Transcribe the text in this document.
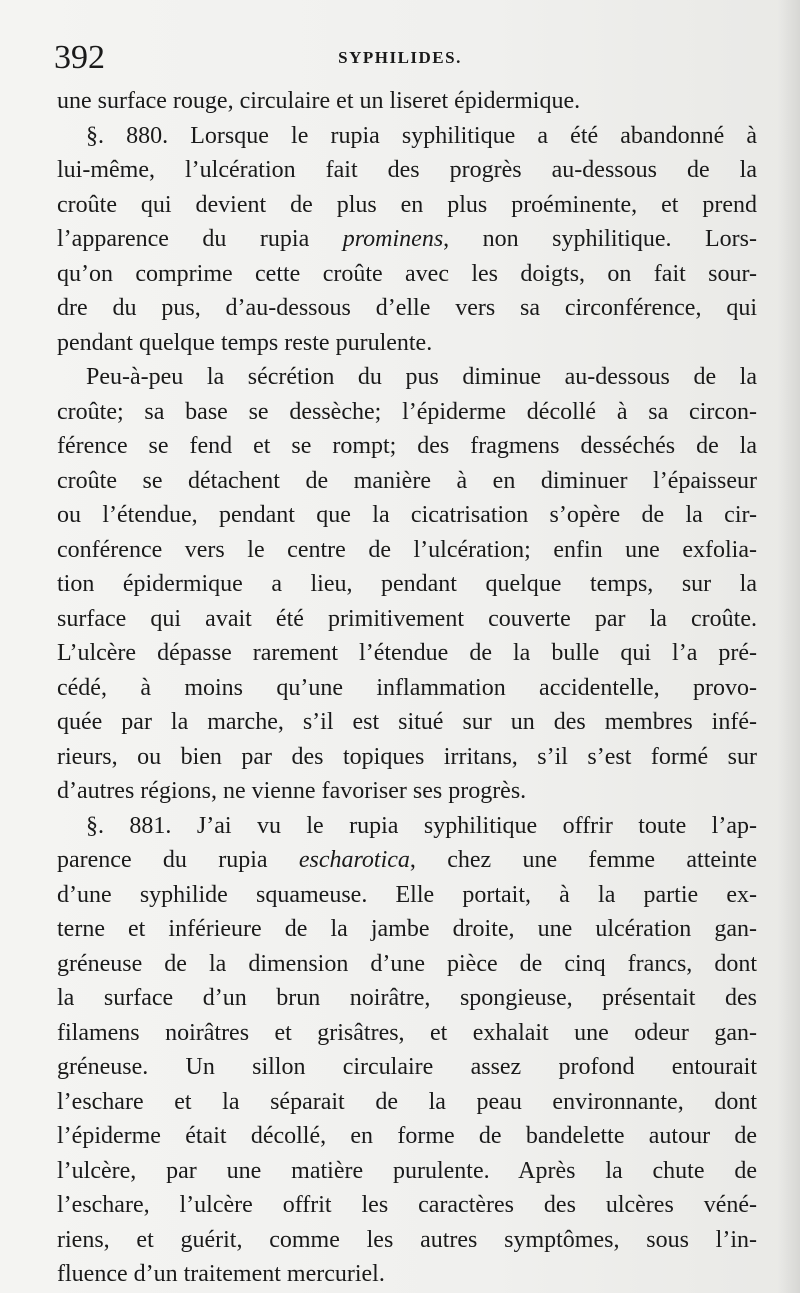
392	SYPHILIDES.
une surface rouge, circulaire et un liseret épidermique.
§. 880. Lorsque le rupia syphilitique a été abandonné à
lui-même, l’ulcération fait des progrès au-dessous de la
croûte qui devient de plus en plus proéminente, et prend
l’apparence du rupia prominens, non syphilitique. Lors-
qu’on comprime cette croûte avec les doigts, on fait sour-
dre du pus, d’au-dessous d’elle vers sa circonférence, qui
pendant quelque temps reste purulente.
Peu-à-peu la sécrétion du pus diminue au-dessous de la
croûte; sa base se dessèche; l’épiderme décollé à sa circon-
férence se fend et se rompt; des fragmens desséchés de la
croûte se détachent de manière à en diminuer l’épaisseur
ou l’étendue, pendant que la cicatrisation s’opère de la cir-
conférence vers le centre de l’ulcération; enfin une exfolia-
tion épidermique a lieu, pendant quelque temps, sur la
surface qui avait été primitivement couverte par la croûte.
L’ulcère dépasse rarement l’étendue de la bulle qui l’a pré-
cédé, à moins qu’une inflammation accidentelle, provo-
quée par la marche, s’il est situé sur un des membres infé-
rieurs, ou bien par des topiques irritans, s’il s’est formé sur
d’autres régions, ne vienne favoriser ses progrès.
§. 881. J’ai vu le rupia syphilitique offrir toute l’ap-
parence du rupia escharotica, chez une femme atteinte
d’une syphilide squameuse. Elle portait, à la partie ex-
terne et inférieure de la jambe droite, une ulcération gan-
gréneuse de la dimension d’une pièce de cinq francs, dont
la surface d’un brun noirâtre, spongieuse, présentait des
filamens noirâtres et grisâtres, et exhalait une odeur gan-
gréneuse. Un sillon circulaire assez profond entourait
l’eschare et la séparait de la peau environnante, dont
l’épiderme était décollé, en forme de bandelette autour de
l’ulcère, par une matière purulente. Après la chute de
l’eschare, l’ulcère offrit les caractères des ulcères véné-
riens, et guérit, comme les autres symptômes, sous l’in-
fluence d’un traitement mercuriel.
